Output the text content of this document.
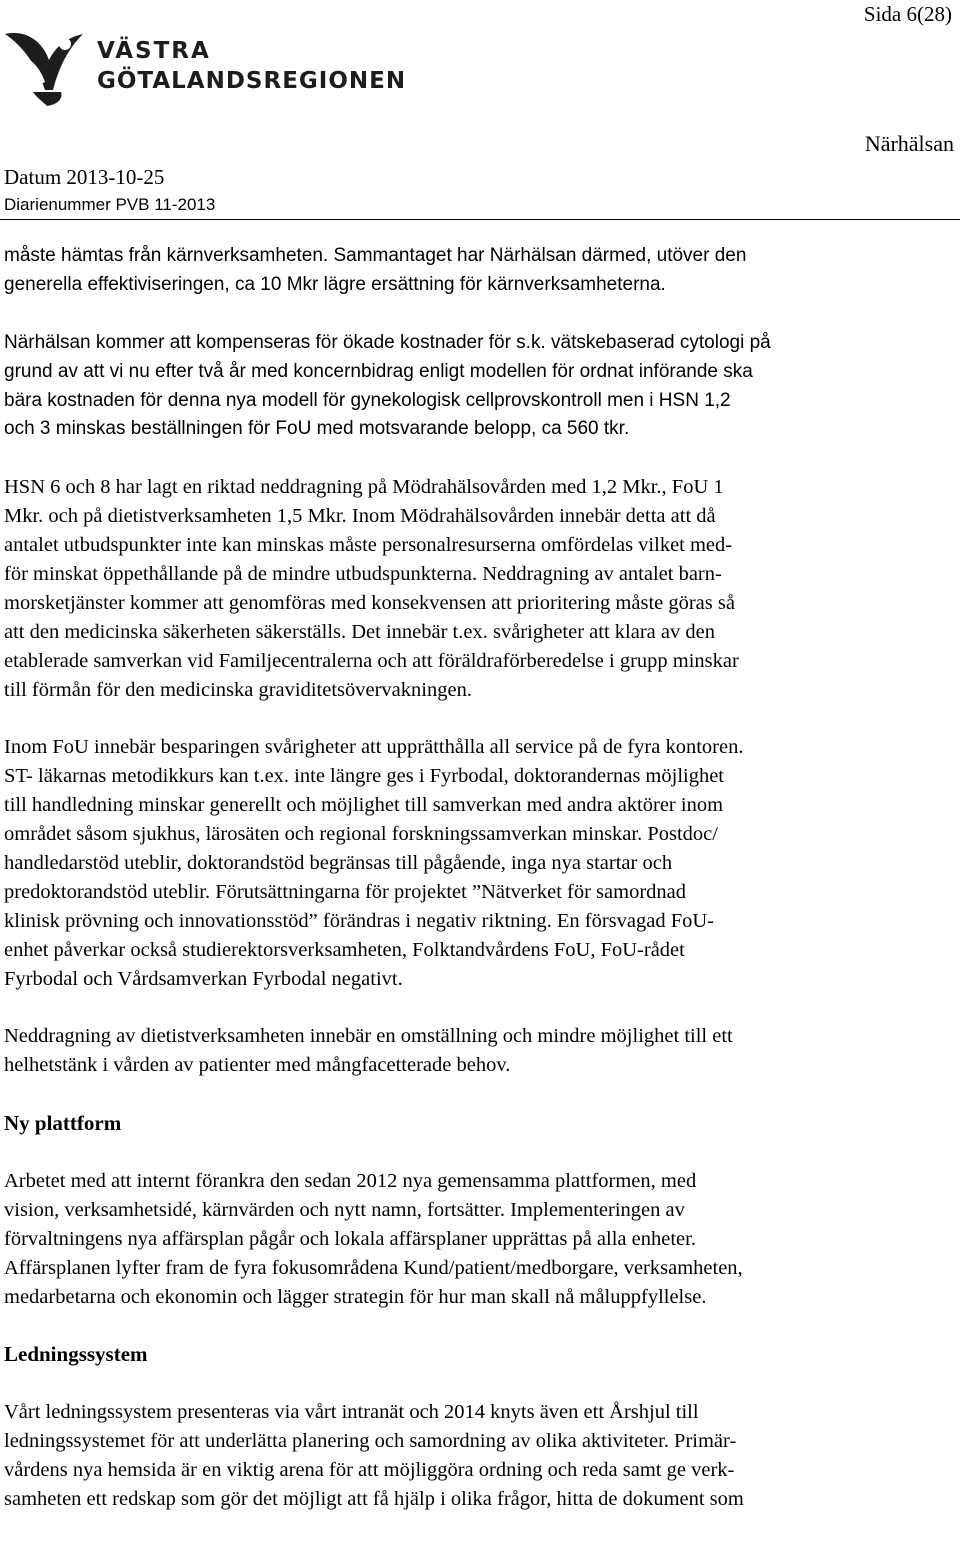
Sida 6(28)
VÄSTRA
GÖTALANDSREGIONEN
Närhälsan
Datum 2013-10-25
Diarienummer PVB 11-2013

måste hämtas från kärnverksamheten. Sammantaget har Närhälsan därmed, utöver den
generella effektiviseringen, ca 10 Mkr lägre ersättning för kärnverksamheterna.

Närhälsan kommer att kompenseras för ökade kostnader för s.k. vätskebaserad cytologi på
grund av att vi nu efter två år med koncernbidrag enligt modellen för ordnat införande ska
bära kostnaden för denna nya modell för gynekologisk cellprovskontroll men i HSN 1,2
och 3 minskas beställningen för FoU med motsvarande belopp, ca 560 tkr.

HSN 6 och 8 har lagt en riktad neddragning på Mödrahälsovården med 1,2 Mkr., FoU 1
Mkr. och på dietistverksamheten 1,5 Mkr. Inom Mödrahälsovården innebär detta att då
antalet utbudspunkter inte kan minskas måste personalresurserna omfördelas vilket med-
för minskat öppethållande på de mindre utbudspunkterna. Neddragning av antalet barn-
morsketjänster kommer att genomföras med konsekvensen att prioritering måste göras så
att den medicinska säkerheten säkerställs. Det innebär t.ex. svårigheter att klara av den
etablerade samverkan vid Familjecentralerna och att föräldraförberedelse i grupp minskar
till förmån för den medicinska graviditetsövervakningen.

Inom FoU innebär besparingen svårigheter att upprätthålla all service på de fyra kontoren.
ST- läkarnas metodikkurs kan t.ex. inte längre ges i Fyrbodal, doktorandernas möjlighet
till handledning minskar generellt och möjlighet till samverkan med andra aktörer inom
området såsom sjukhus, lärosäten och regional forskningssamverkan minskar. Postdoc/
handledarstöd uteblir, doktorandstöd begränsas till pågående, inga nya startar och
predoktorandstöd uteblir. Förutsättningarna för projektet ”Nätverket för samordnad
klinisk prövning och innovationsstöd” förändras i negativ riktning. En försvagad FoU-
enhet påverkar också studierektorsverksamheten, Folktandvårdens FoU, FoU-rådet
Fyrbodal och Vårdsamverkan Fyrbodal negativt.

Neddragning av dietistverksamheten innebär en omställning och mindre möjlighet till ett
helhetstänk i vården av patienter med mångfacetterade behov.

Ny plattform

Arbetet med att internt förankra den sedan 2012 nya gemensamma plattformen, med
vision, verksamhetsidé, kärnvärden och nytt namn, fortsätter. Implementeringen av
förvaltningens nya affärsplan pågår och lokala affärsplaner upprättas på alla enheter.
Affärsplanen lyfter fram de fyra fokusområdena Kund/patient/medborgare, verksamheten,
medarbetarna och ekonomin och lägger strategin för hur man skall nå måluppfyllelse.

Ledningssystem

Vårt ledningssystem presenteras via vårt intranät och 2014 knyts även ett Årshjul till
ledningssystemet för att underlätta planering och samordning av olika aktiviteter. Primär-
vårdens nya hemsida är en viktig arena för att möjliggöra ordning och reda samt ge verk-
samheten ett redskap som gör det möjligt att få hjälp i olika frågor, hitta de dokument som
